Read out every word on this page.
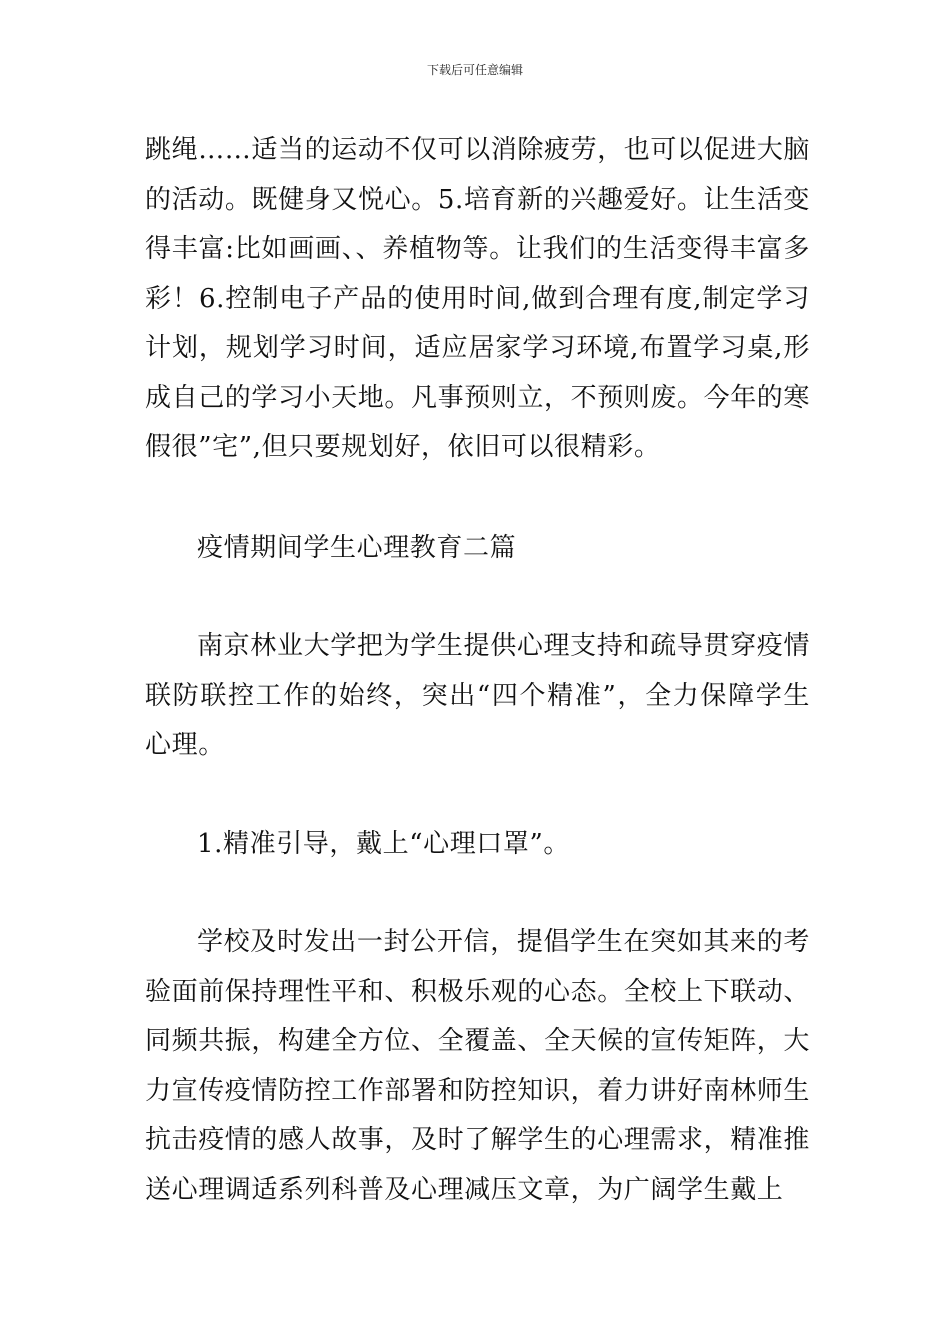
下载后可任意编辑

跳绳……适当的运动不仅可以消除疲劳，也可以促进大脑的活动。既健身又悦心。5.培育新的兴趣爱好。让生活变得丰富:比如画画、、养植物等。让我们的生活变得丰富多彩！6.控制电子产品的使用时间,做到合理有度,制定学习计划，规划学习时间，适应居家学习环境,布置学习桌,形成自己的学习小天地。凡事预则立，不预则废。今年的寒假很”宅”,但只要规划好，依旧可以很精彩。

疫情期间学生心理教育二篇

南京林业大学把为学生提供心理支持和疏导贯穿疫情联防联控工作的始终，突出“四个精准”，全力保障学生心理。

1.精准引导，戴上“心理口罩”。

学校及时发出一封公开信，提倡学生在突如其来的考验面前保持理性平和、积极乐观的心态。全校上下联动、同频共振，构建全方位、全覆盖、全天候的宣传矩阵，大力宣传疫情防控工作部署和防控知识，着力讲好南林师生抗击疫情的感人故事，及时了解学生的心理需求，精准推送心理调适系列科普及心理减压文章，为广阔学生戴上
